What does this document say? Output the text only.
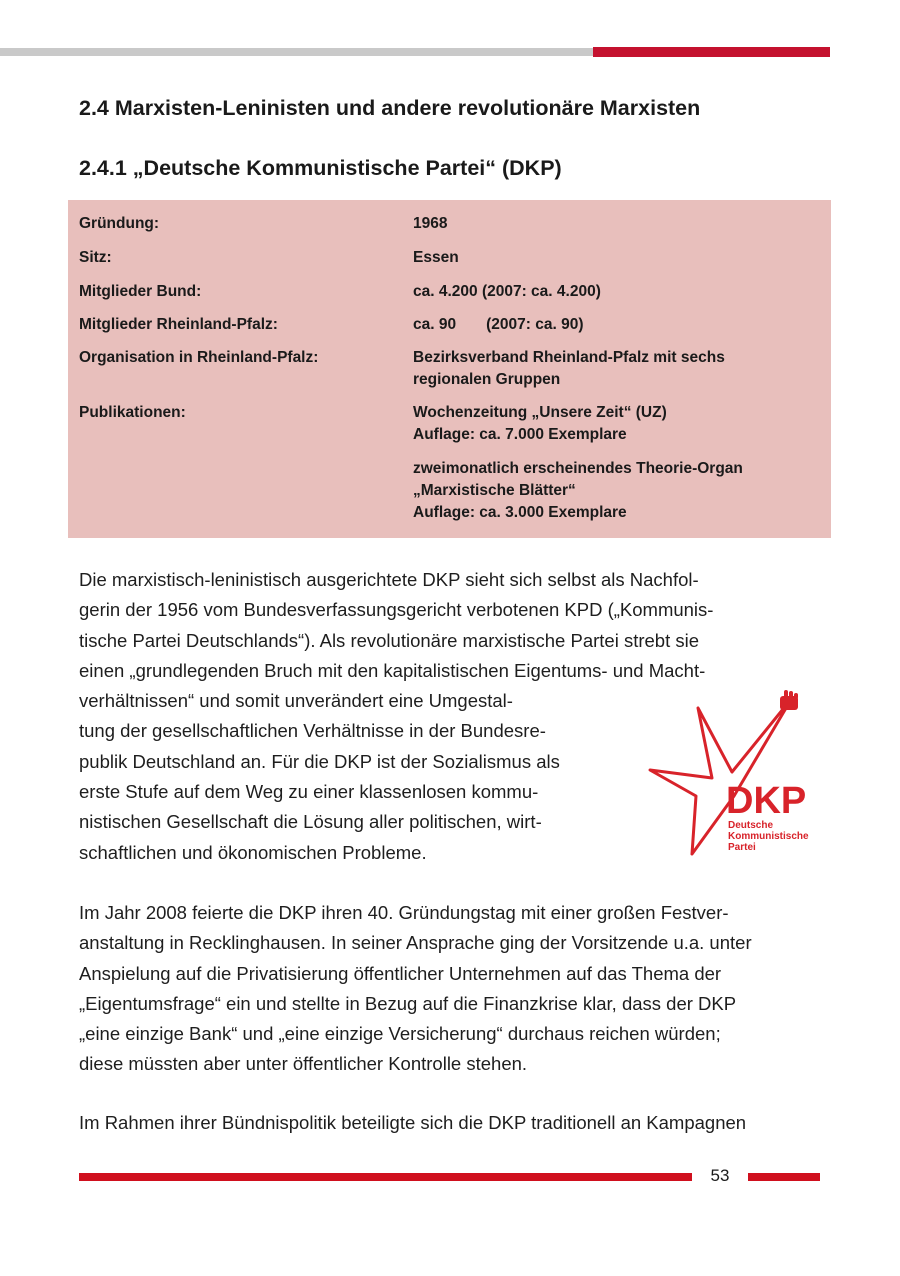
2.4 Marxisten-Leninisten und andere revolutionäre Marxisten
2.4.1 „Deutsche Kommunistische Partei“ (DKP)
Gründung:	1968
Sitz:	Essen
Mitglieder Bund:	ca. 4.200 (2007: ca. 4.200)
Mitglieder Rheinland-Pfalz:	ca. 90 (2007: ca. 90)
Organisation in Rheinland-Pfalz:	Bezirksverband Rheinland-Pfalz mit sechs
regionalen Gruppen
Publikationen:	Wochenzeitung „Unsere Zeit“ (UZ)
Auflage: ca. 7.000 Exemplare
zweimonatlich erscheinendes Theorie-Organ
„Marxistische Blätter“
Auflage: ca. 3.000 Exemplare

Die marxistisch-leninistisch ausgerichtete DKP sieht sich selbst als Nachfol-
gerin der 1956 vom Bundesverfassungsgericht verbotenen KPD („Kommunis-
tische Partei Deutschlands“). Als revolutionäre marxistische Partei strebt sie
einen „grundlegenden Bruch mit den kapitalistischen Eigentums- und Macht-
verhältnissen“ und somit unverändert eine Umgestal-
tung der gesellschaftlichen Verhältnisse in der Bundesre-
publik Deutschland an. Für die DKP ist der Sozialismus als
erste Stufe auf dem Weg zu einer klassenlosen kommu-
nistischen Gesellschaft die Lösung aller politischen, wirt-
schaftlichen und ökonomischen Probleme.

DKP
Deutsche
Kommunistische
Partei

Im Jahr 2008 feierte die DKP ihren 40. Gründungstag mit einer großen Festver-
anstaltung in Recklinghausen. In seiner Ansprache ging der Vorsitzende u.a. unter
Anspielung auf die Privatisierung öffentlicher Unternehmen auf das Thema der
„Eigentumsfrage“ ein und stellte in Bezug auf die Finanzkrise klar, dass der DKP
„eine einzige Bank“ und „eine einzige Versicherung“ durchaus reichen würden;
diese müssten aber unter öffentlicher Kontrolle stehen.

Im Rahmen ihrer Bündnispolitik beteiligte sich die DKP traditionell an Kampagnen

53
